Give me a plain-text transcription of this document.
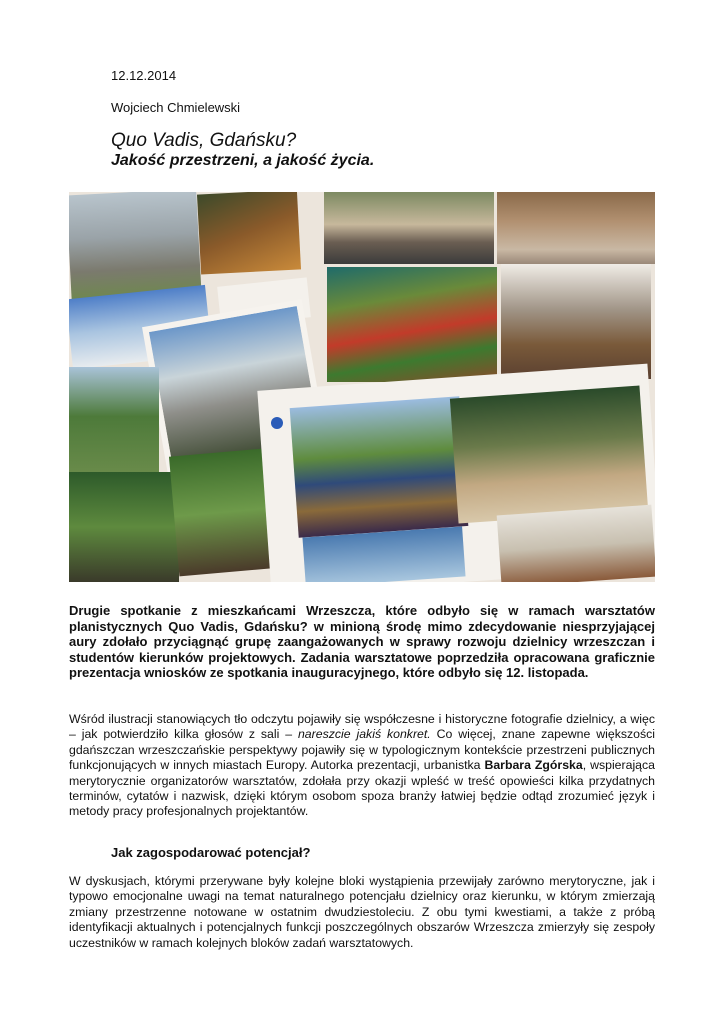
12.12.2014
Wojciech Chmielewski
Quo Vadis, Gdańsku?
Jakość przestrzeni, a jakość życia.

Drugie spotkanie z mieszkańcami Wrzeszcza, które odbyło się w ramach warsztatów planistycznych Quo Vadis, Gdańsku? w minioną środę mimo zdecydowanie niesprzyjającej aury zdołało przyciągnąć grupę zaangażowanych w sprawy rozwoju dzielnicy wrzeszczan i studentów kierunków projektowych. Zadania warsztatowe poprzedziła opracowana graficznie prezentacja wniosków ze spotkania inauguracyjnego, które odbyło się 12. listopada.

Wśród ilustracji stanowiących tło odczytu pojawiły się współczesne i historyczne fotografie dzielnicy, a więc – jak potwierdziło kilka głosów z sali – nareszcie jakiś konkret. Co więcej, znane zapewne większości gdańszczan wrzeszczańskie perspektywy pojawiły się w typologicznym kontekście przestrzeni publicznych funkcjonujących w innych miastach Europy. Autorka prezentacji, urbanistka Barbara Zgórska, wspierająca merytorycznie organizatorów warsztatów, zdołała przy okazji wpleść w treść opowieści kilka przydatnych terminów, cytatów i nazwisk, dzięki którym osobom spoza branży łatwiej będzie odtąd zrozumieć język i metody pracy profesjonalnych projektantów.

Jak zagospodarować potencjał?

W dyskusjach, którymi przerywane były kolejne bloki wystąpienia przewijały zarówno merytoryczne, jak i typowo emocjonalne uwagi na temat naturalnego potencjału dzielnicy oraz kierunku, w którym zmierzają zmiany przestrzenne notowane w ostatnim dwudziestoleciu. Z obu tymi kwestiami, a także z próbą identyfikacji aktualnych i potencjalnych funkcji poszczególnych obszarów Wrzeszcza zmierzyły się zespoły uczestników w ramach kolejnych bloków zadań warsztatowych.
